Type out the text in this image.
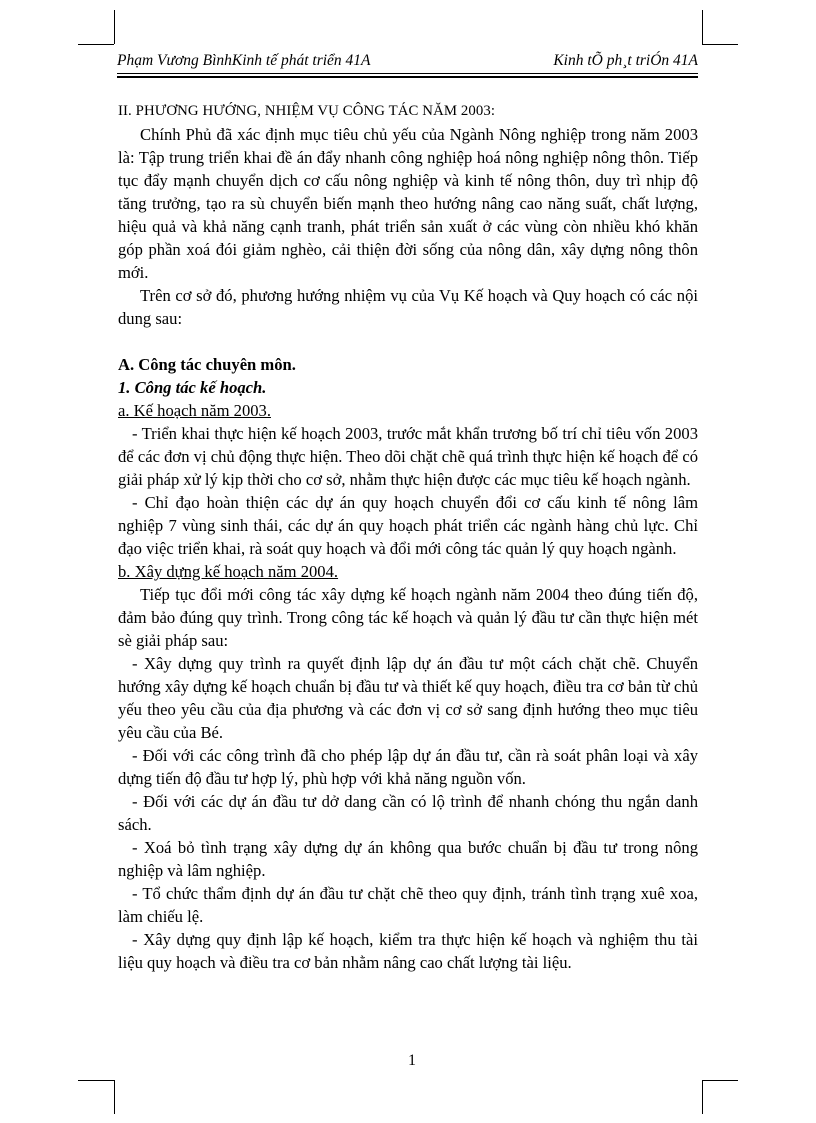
Phạm Vương BìnhKinh tế phát triển 41A	Kinh tÕ ph¸t triÓn 41A

II. PHƯƠNG HƯỚNG, NHIỆM VỤ CÔNG TÁC NĂM 2003:

Chính Phủ đã xác định mục tiêu chủ yếu của Ngành Nông nghiệp trong năm 2003 là: Tập trung triển khai đề án đẩy nhanh công nghiệp hoá nông nghiệp nông thôn. Tiếp tục đẩy mạnh chuyển dịch cơ cấu nông nghiệp và kinh tế nông thôn, duy trì nhịp độ tăng trưởng, tạo ra sù chuyển biến mạnh theo hướng nâng cao năng suất, chất lượng, hiệu quả và khả năng cạnh tranh, phát triển sản xuất ở các vùng còn nhiều khó khăn góp phần xoá đói giảm nghèo, cải thiện đời sống của nông dân, xây dựng nông thôn mới.

Trên cơ sở đó, phương hướng nhiệm vụ của Vụ Kế hoạch và Quy hoạch có các nội dung sau:

A. Công tác chuyên môn.

1. Công tác kế hoạch.

a. Kế hoạch năm 2003.

- Triển khai thực hiện kế hoạch 2003, trước mắt khẩn trương bố trí chỉ tiêu vốn 2003 để các đơn vị chủ động thực hiện. Theo dõi chặt chẽ quá trình thực hiện kế hoạch để có giải pháp xử lý kịp thời cho cơ sở, nhằm thực hiện được các mục tiêu kế hoạch ngành.

- Chỉ đạo hoàn thiện các dự án quy hoạch chuyển đổi cơ cấu kinh tế nông lâm nghiệp 7 vùng sinh thái, các dự án quy hoạch phát triển các ngành hàng chủ lực. Chỉ đạo việc triển khai, rà soát quy hoạch và đổi mới công tác quản lý quy hoạch ngành.

b. Xây dựng kế hoạch năm 2004.

Tiếp tục đổi mới công tác xây dựng kế hoạch ngành năm 2004 theo đúng tiến độ, đảm bảo đúng quy trình. Trong công tác kế hoạch và quản lý đầu tư cần thực hiện mét sè giải pháp sau:

- Xây dựng quy trình ra quyết định lập dự án đầu tư một cách chặt chẽ. Chuyển hướng xây dựng kế hoạch chuẩn bị đầu tư và thiết kế quy hoạch, điều tra cơ bản từ chủ yếu theo yêu cầu của địa phương và các đơn vị cơ sở sang định hướng theo mục tiêu yêu cầu của Bé.

- Đối với các công trình đã cho phép lập dự án đầu tư, cần rà soát phân loại và xây dựng tiến độ đầu tư hợp lý, phù hợp với khả năng nguồn vốn.

- Đối với các dự án đầu tư dở dang cần có lộ trình để nhanh chóng thu ngắn danh sách.

- Xoá bỏ tình trạng xây dựng dự án không qua bước chuẩn bị đầu tư trong nông nghiệp và lâm nghiệp.

- Tổ chức thẩm định dự án đầu tư chặt chẽ theo quy định, tránh tình trạng xuê xoa, làm chiếu lệ.

- Xây dựng quy định lập kế hoạch, kiểm tra thực hiện kế hoạch và nghiệm thu tài liệu quy hoạch và điều tra cơ bản nhằm nâng cao chất lượng tài liệu.

1
